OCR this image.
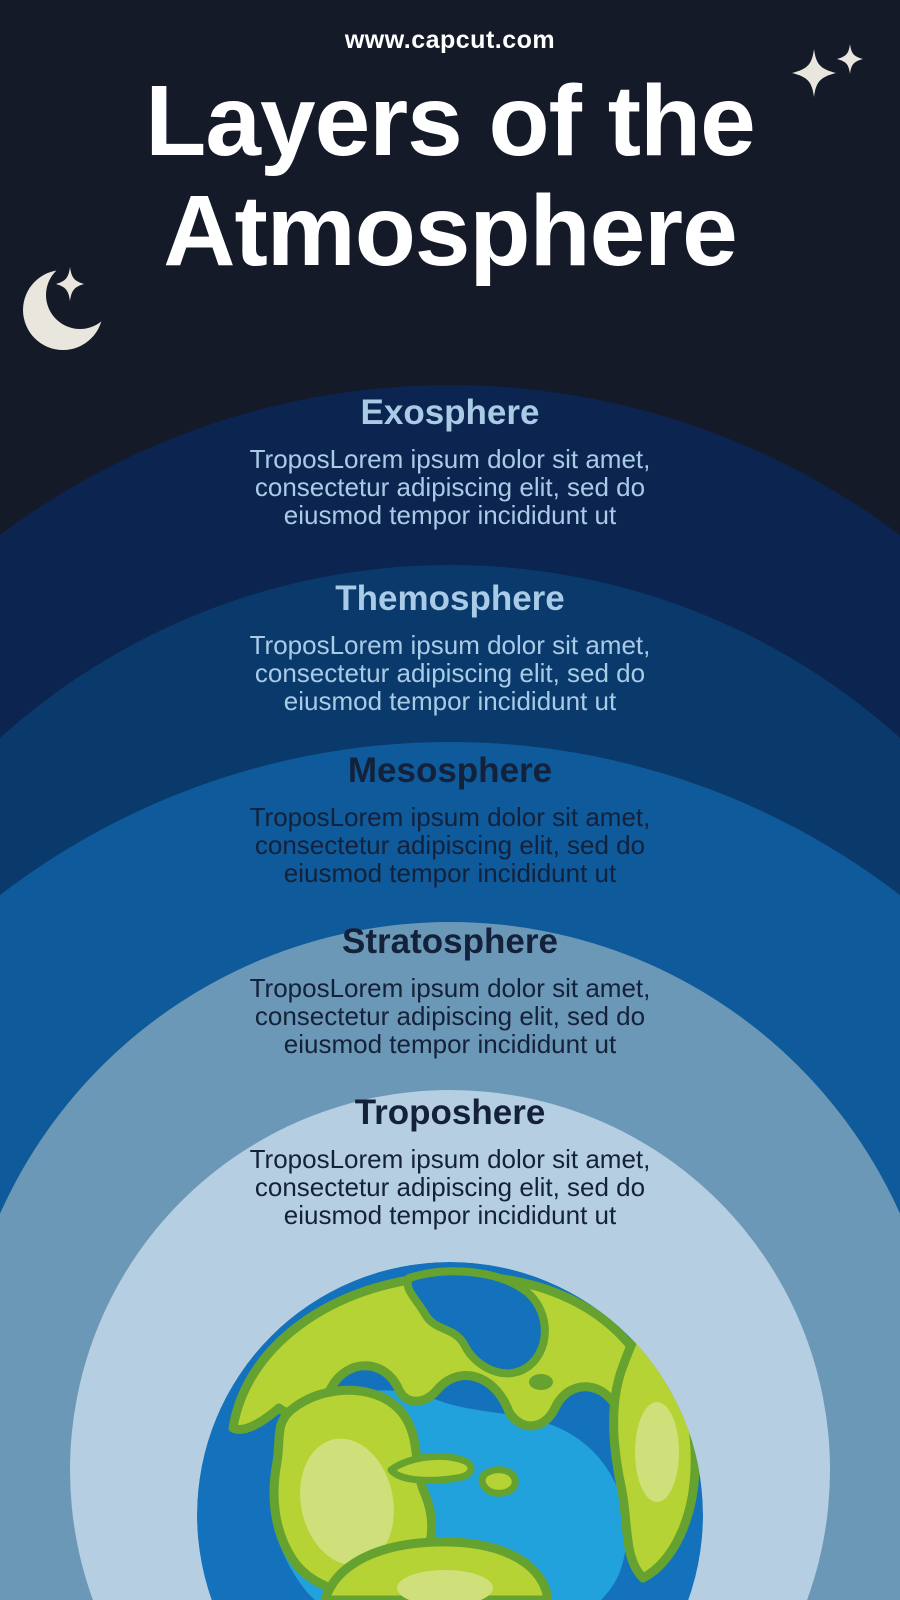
www.capcut.com
Layers of the
Atmosphere
Exosphere
TroposLorem ipsum dolor sit amet,
consectetur adipiscing elit, sed do
eiusmod tempor incididunt ut
Themosphere
TroposLorem ipsum dolor sit amet,
consectetur adipiscing elit, sed do
eiusmod tempor incididunt ut
Mesosphere
TroposLorem ipsum dolor sit amet,
consectetur adipiscing elit, sed do
eiusmod tempor incididunt ut
Stratosphere
TroposLorem ipsum dolor sit amet,
consectetur adipiscing elit, sed do
eiusmod tempor incididunt ut
Troposhere
TroposLorem ipsum dolor sit amet,
consectetur adipiscing elit, sed do
eiusmod tempor incididunt ut
